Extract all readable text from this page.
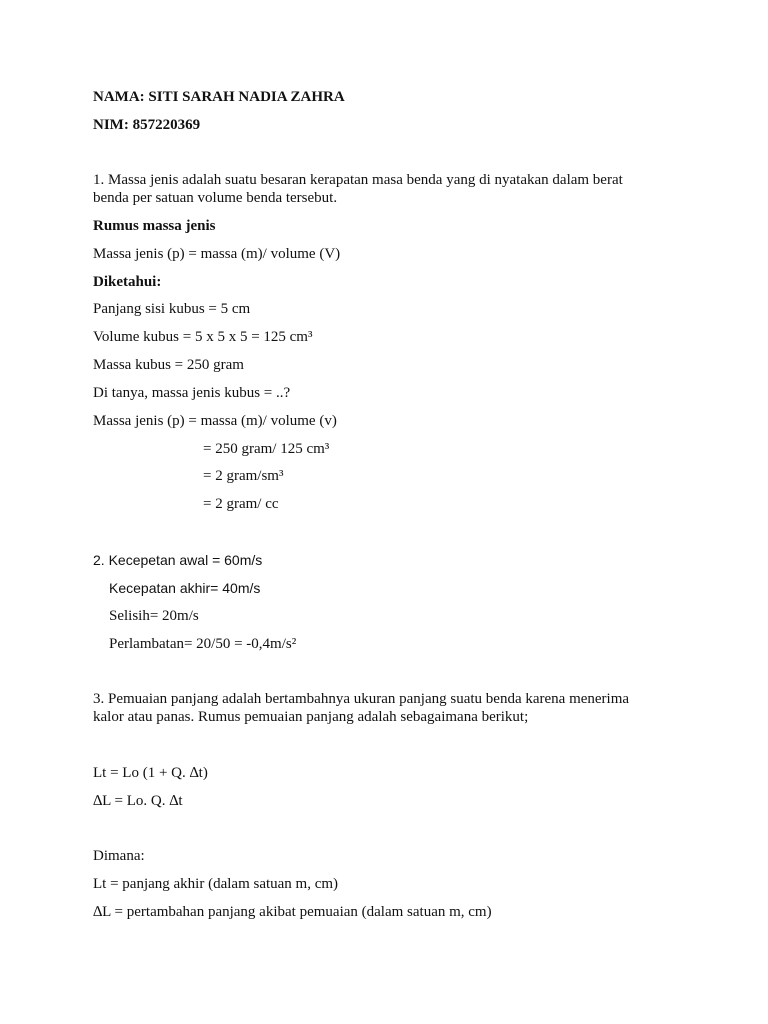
NAMA: SITI SARAH NADIA ZAHRA

NIM: 857220369

1. Massa jenis adalah suatu besaran kerapatan masa benda yang di nyatakan dalam berat

benda per satuan volume benda tersebut.

Rumus massa jenis

Massa jenis (p) = massa (m)/ volume (V)

Diketahui:

Panjang sisi kubus = 5 cm

Volume kubus = 5 x 5 x 5 = 125 cm³

Massa kubus = 250 gram

Di tanya, massa jenis kubus = ..?

Massa jenis (p) = massa (m)/ volume (v)

= 250 gram/ 125 cm³

= 2 gram/sm³

= 2 gram/ cc

2. Kecepetan awal = 60m/s

Kecepatan akhir= 40m/s

Selisih= 20m/s

Perlambatan= 20/50 = -0,4m/s²

3. Pemuaian panjang adalah bertambahnya ukuran panjang suatu benda karena menerima

kalor atau panas. Rumus pemuaian panjang adalah sebagaimana berikut;

Lt = Lo (1 + Q. ∆t)

∆L = Lo. Q. ∆t

Dimana:

Lt = panjang akhir (dalam satuan m, cm)

∆L = pertambahan panjang akibat pemuaian (dalam satuan m, cm)
